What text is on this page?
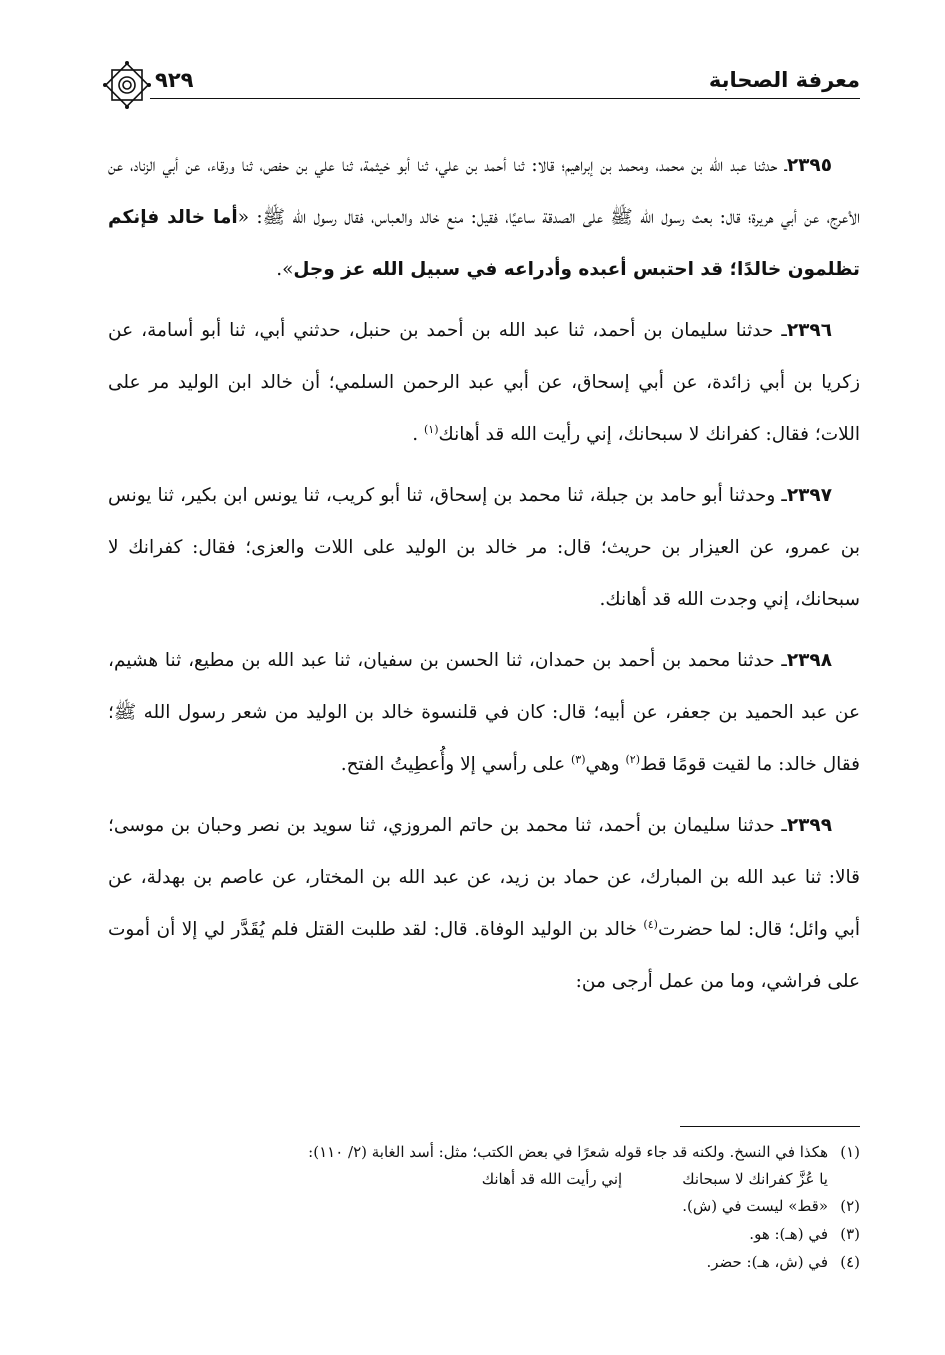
معرفة الصحابة
٩٢٩

٢٣٩٥ـ حدثنا عبد الله بن محمد، ومحمد بن إبراهيم؛ قالا: ثنا أحمد بن علي، ثنا أبو خيثمة، ثنا علي بن حفص، ثنا ورقاء، عن أبي الزناد، عن الأعرج، عن أبي هريرة؛ قال: بعث رسول الله ﷺ على الصدقة ساعيًا، فقيل: منع خالد والعباس، فقال رسول الله ﷺ: «أما خالد فإنكم تظلمون خالدًا؛ قد احتبس أعبده وأدراعه في سبيل الله عز وجل».

٢٣٩٦ـ حدثنا سليمان بن أحمد، ثنا عبد الله بن أحمد بن حنبل، حدثني أبي، ثنا أبو أسامة، عن زكريا بن أبي زائدة، عن أبي إسحاق، عن أبي عبد الرحمن السلمي؛ أن خالد ابن الوليد مر على اللات؛ فقال: كفرانك لا سبحانك، إني رأيت الله قد أهانك$^{(١)}$ .

٢٣٩٧ـ وحدثنا أبو حامد بن جبلة، ثنا محمد بن إسحاق، ثنا أبو كريب، ثنا يونس ابن بكير، ثنا يونس بن عمرو، عن العيزار بن حريث؛ قال: مر خالد بن الوليد على اللات والعزى؛ فقال: كفرانك لا سبحانك، إني وجدت الله قد أهانك.

٢٣٩٨ـ حدثنا محمد بن أحمد بن حمدان، ثنا الحسن بن سفيان، ثنا عبد الله بن مطيع، ثنا هشيم، عن عبد الحميد بن جعفر، عن أبيه؛ قال: كان في قلنسوة خالد بن الوليد من شعر رسول الله ﷺ؛ فقال خالد: ما لقيت قومًا قط$^{(٢)}$ وهي$^{(٣)}$ على رأسي إلا وأُعطِيتُ الفتح.

٢٣٩٩ـ حدثنا سليمان بن أحمد، ثنا محمد بن حاتم المروزي، ثنا سويد بن نصر وحبان بن موسى؛ قالا: ثنا عبد الله بن المبارك، عن حماد بن زيد، عن عبد الله بن المختار، عن عاصم بن بهدلة، عن أبي وائل؛ قال: لما حضرت$^{(٤)}$ خالد بن الوليد الوفاة. قال: لقد طلبت القتل فلم يُقَدَّر لي إلا أن أموت على فراشي، وما من عمل أرجى من:

(١)
هكذا في النسخ. ولكنه قد جاء قوله شعرًا في بعض الكتب؛ مثل: أسد الغابة (٢/ ١١٠):
يا عُزَّ كفرانك لا سبحانك
إني رأيت الله قد أهانك
(٢)
«قط» ليست في (ش).
(٣)
في (هـ): هو.
(٤)
في (ش، هـ): حضر.
